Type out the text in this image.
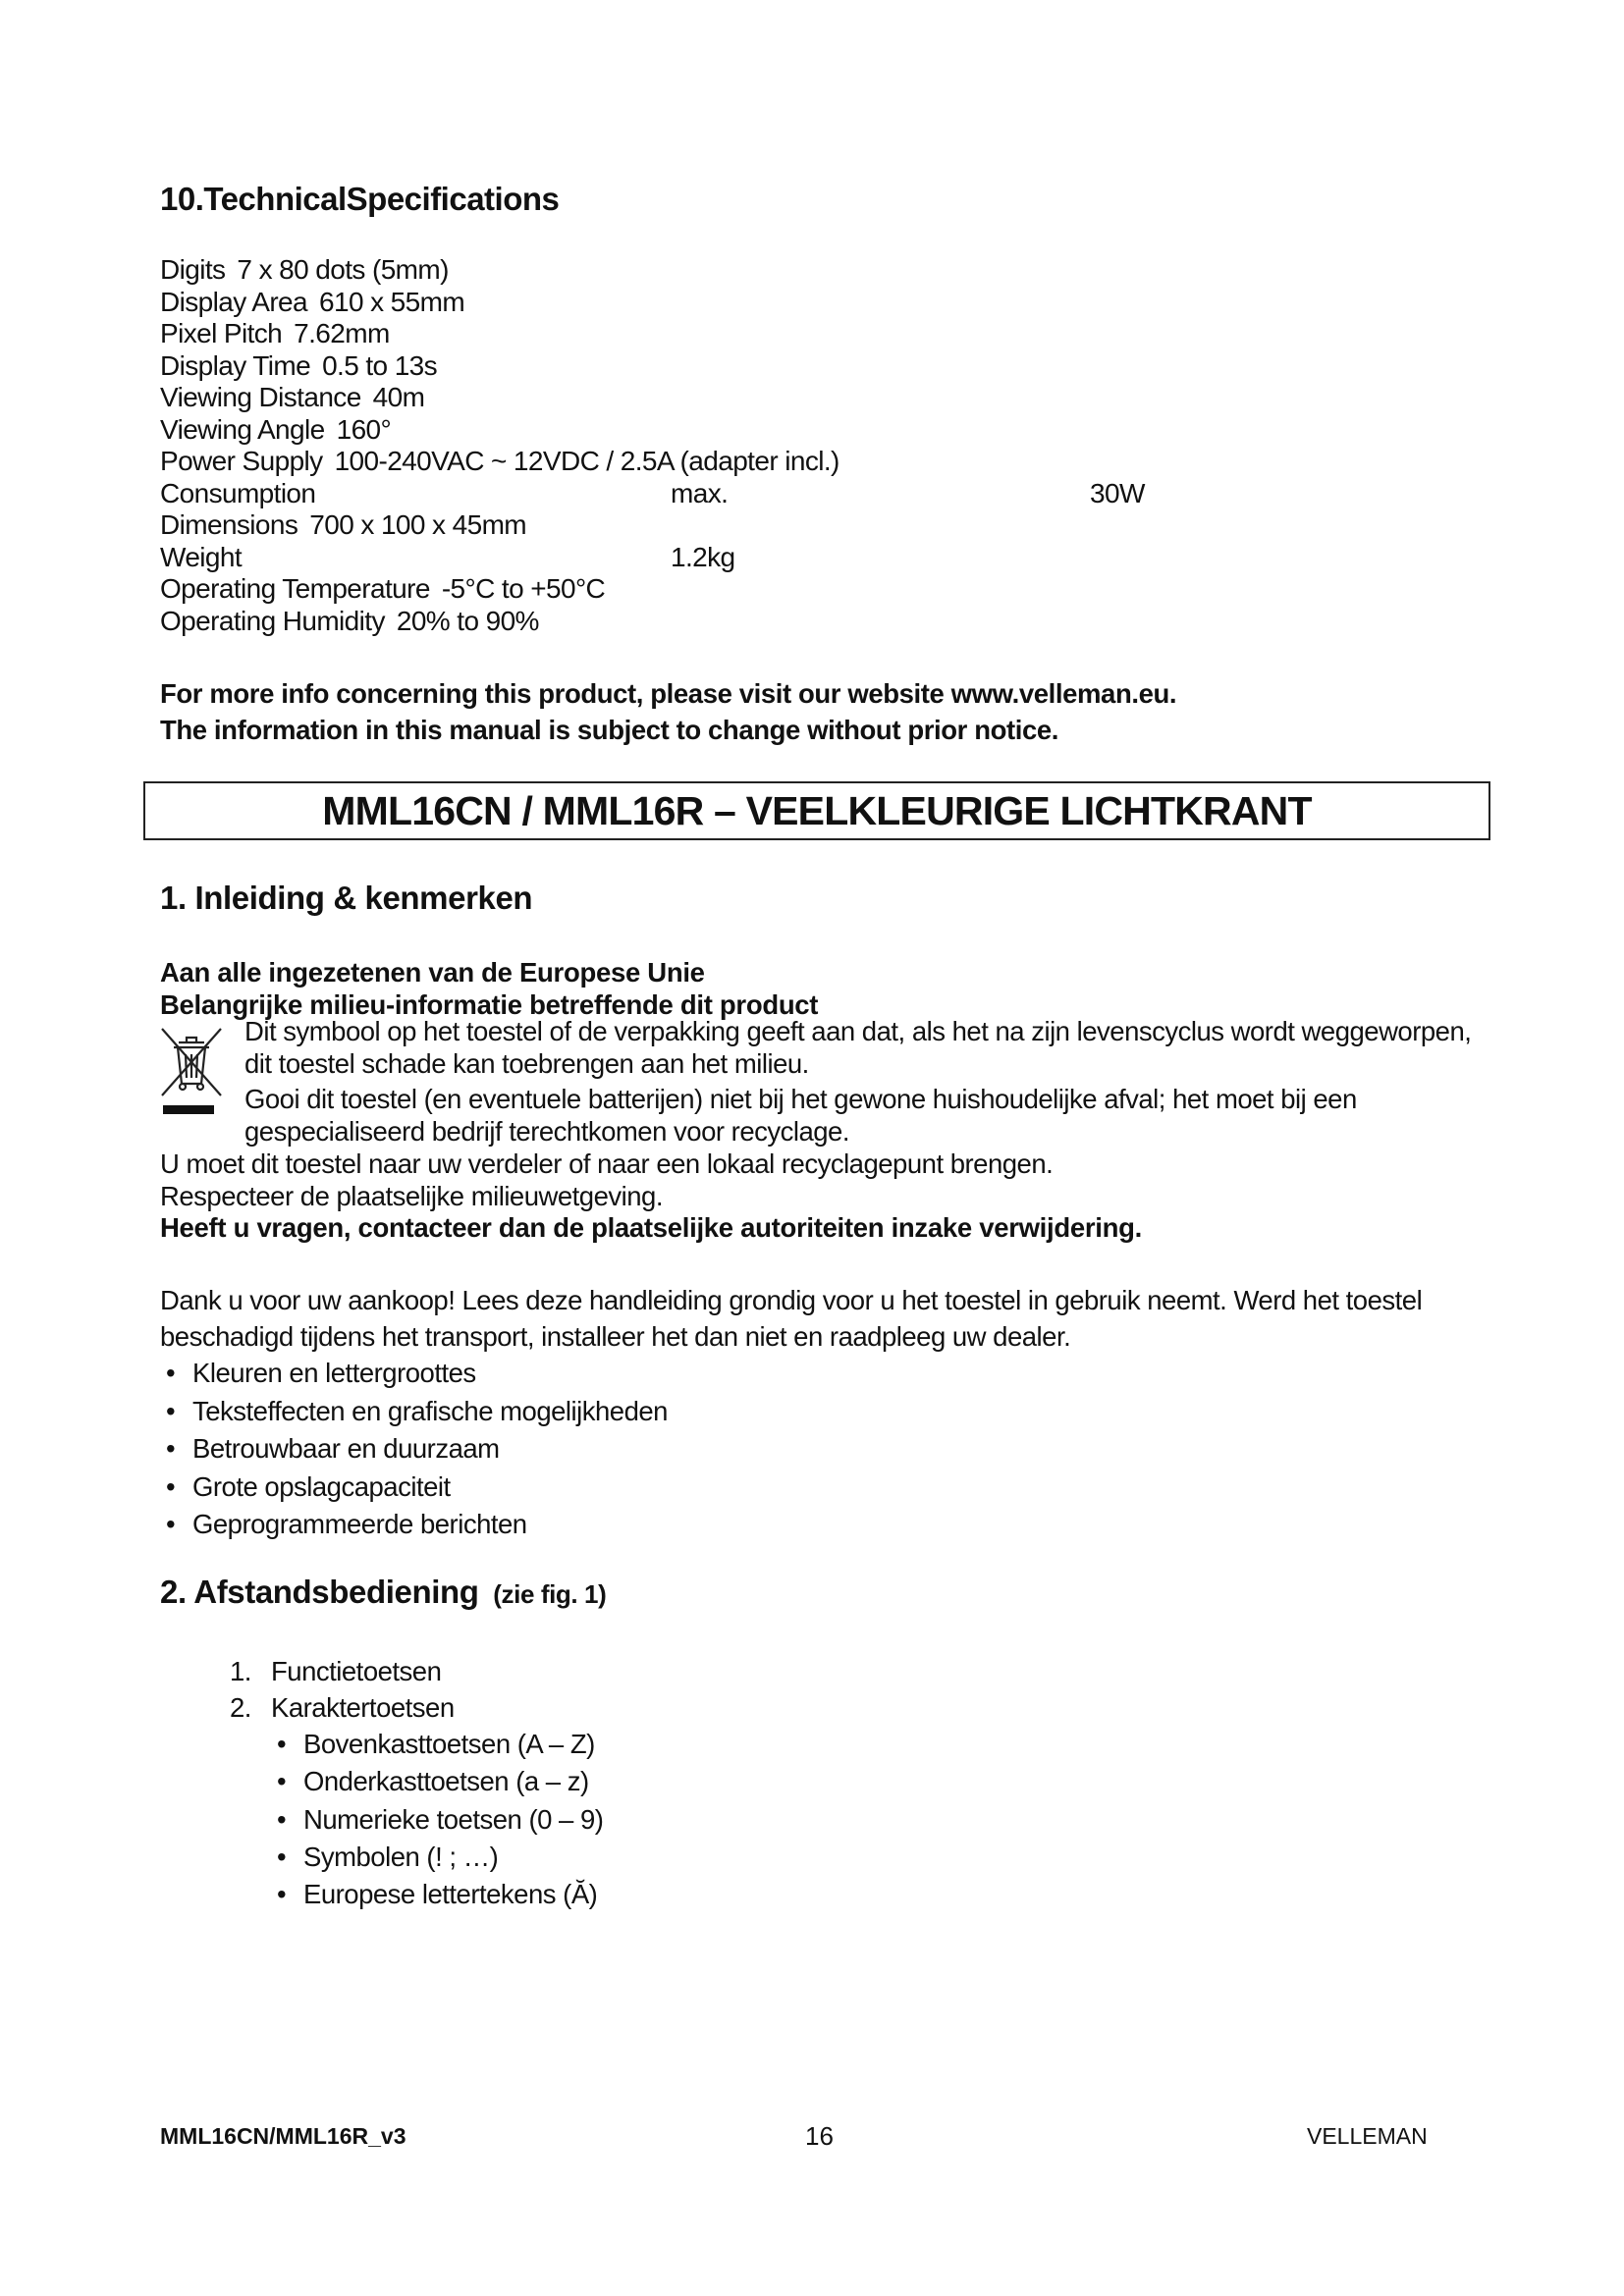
10.TechnicalSpecifications
Digits 7 x 80 dots (5mm)
Display Area 610 x 55mm
Pixel Pitch 7.62mm
Display Time 0.5 to 13s
Viewing Distance 40m
Viewing Angle 160°
Power Supply 100-240VAC ~ 12VDC / 2.5A (adapter incl.)
Consumption	max.	30W
Dimensions 700 x 100 x 45mm
Weight	1.2kg
Operating Temperature -5°C to +50°C
Operating Humidity 20% to 90%

For more info concerning this product, please visit our website www.velleman.eu.
The information in this manual is subject to change without prior notice.

MML16CN / MML16R – VEELKLEURIGE LICHTKRANT
1. Inleiding & kenmerken

Aan alle ingezetenen van de Europese Unie
Belangrijke milieu-informatie betreffende dit product

Dit symbool op het toestel of de verpakking geeft aan dat, als het na zijn levenscyclus wordt weggeworpen,
dit toestel schade kan toebrengen aan het milieu.

Gooi dit toestel (en eventuele batterijen) niet bij het gewone huishoudelijke afval; het moet bij een
gespecialiseerd bedrijf terechtkomen voor recyclage.

U moet dit toestel naar uw verdeler of naar een lokaal recyclagepunt brengen.

Respecteer de plaatselijke milieuwetgeving.

Heeft u vragen, contacteer dan de plaatselijke autoriteiten inzake verwijdering.

Dank u voor uw aankoop! Lees deze handleiding grondig voor u het toestel in gebruik neemt. Werd het toestel beschadigd tijdens het transport, installeer het dan niet en raadpleeg uw dealer.

• Kleuren en lettergroottes
• Teksteffecten en grafische mogelijkheden
• Betrouwbaar en duurzaam
• Grote opslagcapaciteit
• Geprogrammeerde berichten
2. Afstandsbediening (zie fig. 1)
1. Functietoetsen
2. Karaktertoetsen
• Bovenkasttoetsen (A – Z)
• Onderkasttoetsen (a – z)
• Numerieke toetsen (0 – 9)
• Symbolen (! ; …)
• Europese lettertekens (Ă)

MML16CN/MML16R_v3	16	VELLEMAN
